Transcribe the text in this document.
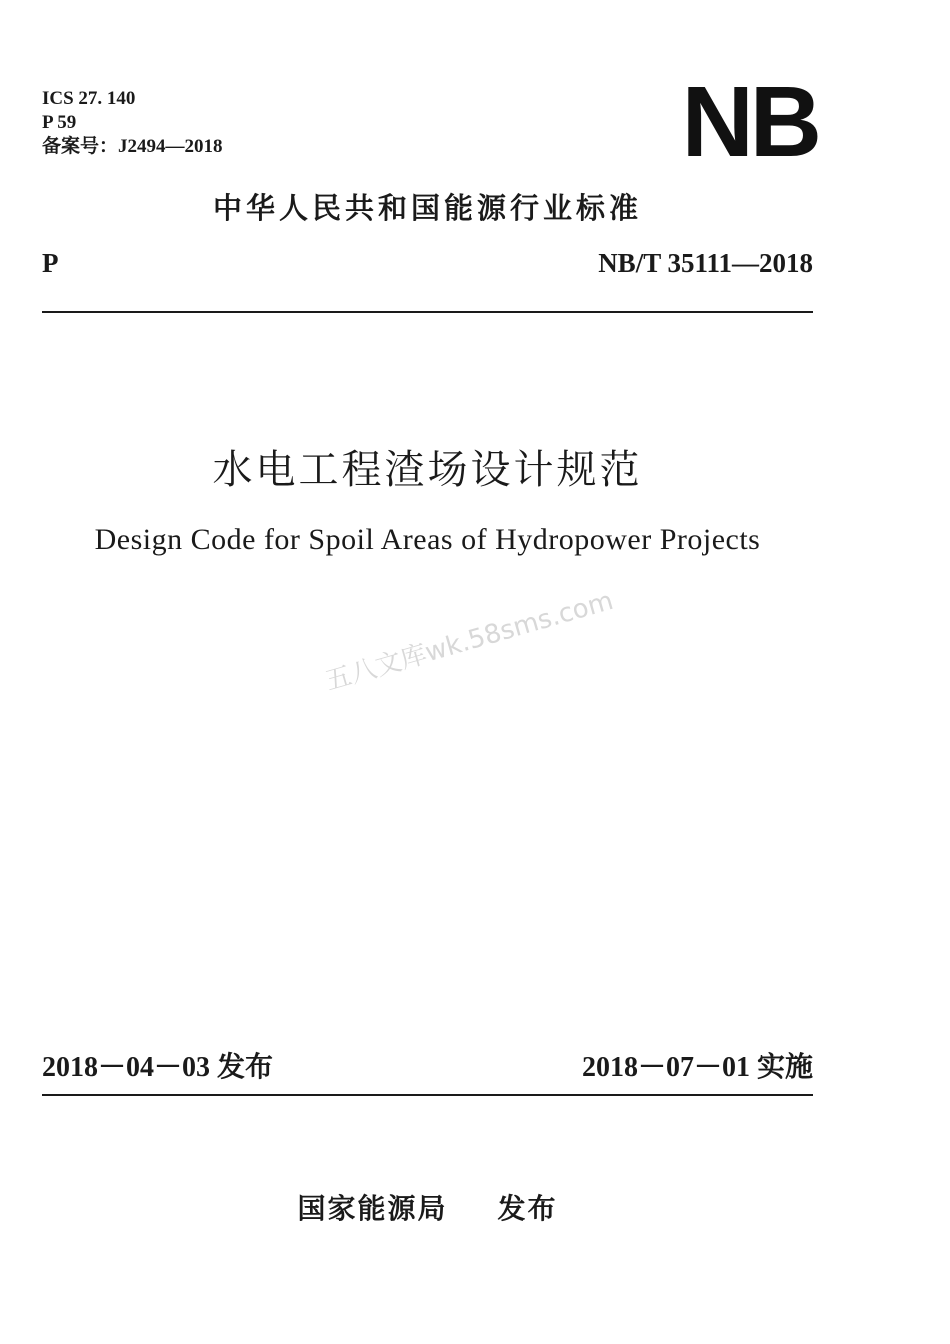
ICS 27. 140
P 59
备案号：J2494—2018	NB
中华人民共和国能源行业标准
P	NB/T 35111—2018
水电工程渣场设计规范
Design Code for Spoil Areas of Hydropower Projects
五八文库wk.58sms.com
2018－04－03 发布	2018－07－01 实施
国家能源局 发布
